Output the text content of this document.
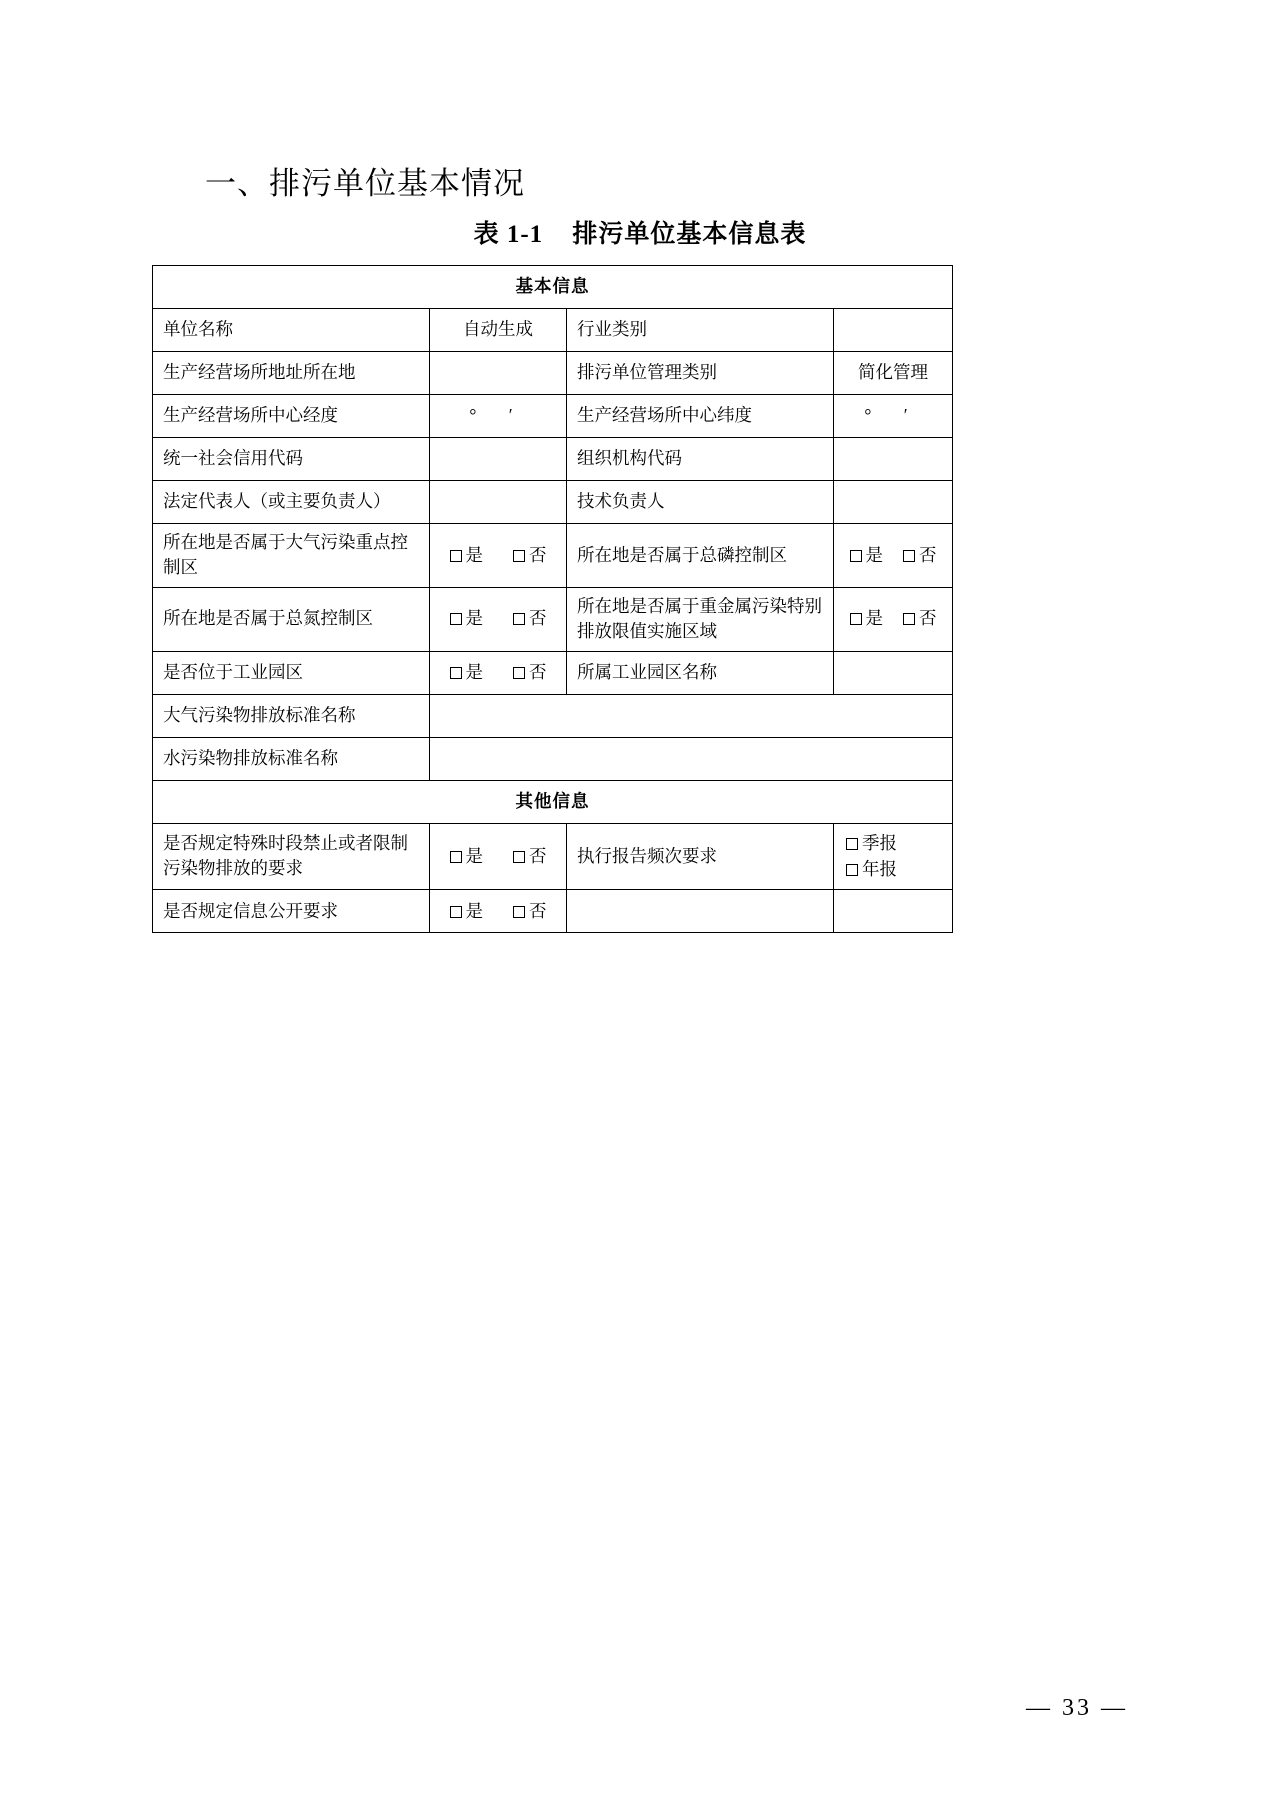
一、排污单位基本情况
表 1-1 排污单位基本信息表
基本信息			
单位名称	自动生成	行业类别	
生产经营场所地址所在地		排污单位管理类别	简化管理
生产经营场所中心经度	° ′	生产经营场所中心纬度	° ′
统一社会信用代码		组织机构代码	
法定代表人（或主要负责人）		技术负责人	
所在地是否属于大气污染重点控制区	是 否	所在地是否属于总磷控制区	是 否
所在地是否属于总氮控制区	是 否	所在地是否属于重金属污染特别排放限值实施区域	是 否
是否位于工业园区	是 否	所属工业园区名称	
大气污染物排放标准名称			
水污染物排放标准名称			
其他信息			
是否规定特殊时段禁止或者限制污染物排放的要求	是 否	执行报告频次要求	季报
年报

是否规定信息公开要求	是 否		
— 33 —
